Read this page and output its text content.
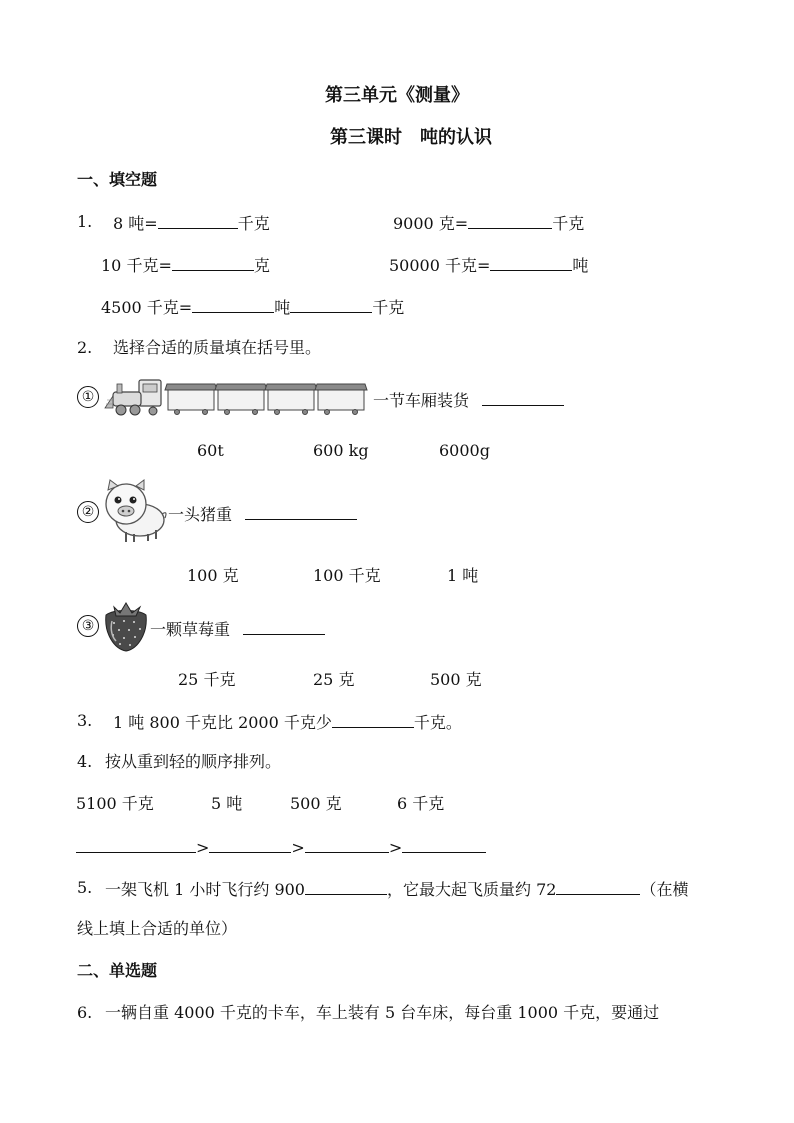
第三单元《测量》
第三课时　吨的认识
一、填空题
1. 8 吨=	千克	9000 克=	千克
10 千克=	克	50000 千克=	吨
4500 千克=	吨	千克
2. 选择合适的质量填在括号里。
①	一节车厢装货
60t	600 kg	6000g
②	一头猪重
100 克	100 千克	1 吨
③	一颗草莓重
25 千克	25 克	500 克
3. 1 吨 800 千克比 2000 千克少	千克。
4. 按从重到轻的顺序排列。
5100 千克	5 吨	500 克	6 千克
>	>	>
5. 一架飞机 1 小时飞行约 900	，它最大起飞质量约 72	（在横
线上填上合适的单位）
二、单选题
6. 一辆自重 4000 千克的卡车，车上装有 5 台车床，每台重 1000 千克，要通过
